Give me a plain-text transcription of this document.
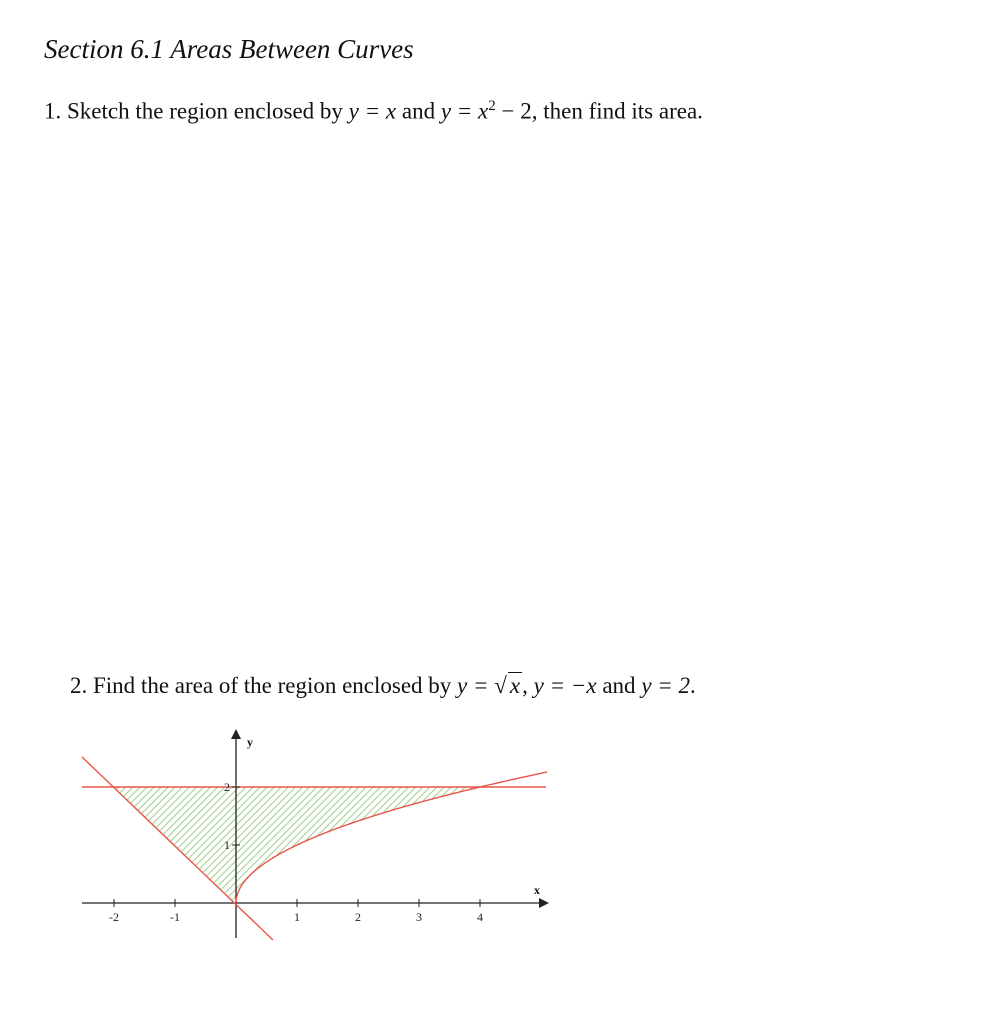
Section 6.1 Areas Between Curves
1. Sketch the region enclosed by y = x and $y = x^2 - 2$, then find its area.
2. Find the area of the region enclosed by y = √ x, y = −x and y = 2.
-2	-1	1	2	3	4
1
2
x
y
